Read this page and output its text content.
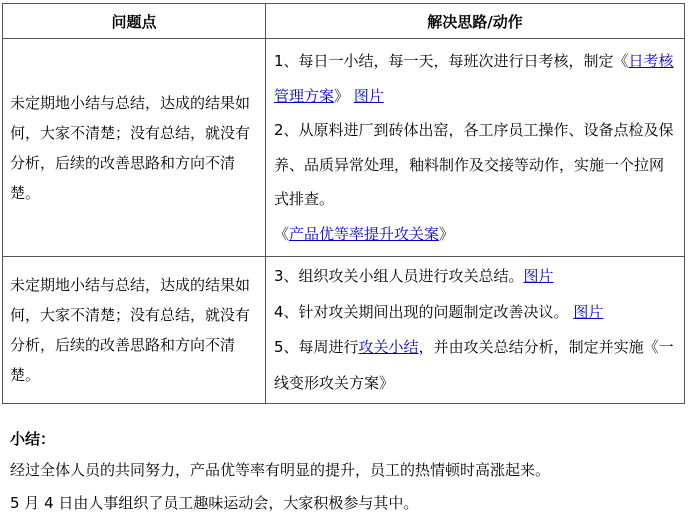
问题点	解决思路/动作
未定期地小结与总结，达成的结果如何，大家不清楚；没有总结，就没有分析，后续的改善思路和方向不清楚。	1、每日一小结，每一天，每班次进行日考核，制定《日考核管理方案》 图片
2、从原料进厂到砖体出窑，各工序员工操作、设备点检及保养、品质异常处理，釉料制作及交接等动作，实施一个拉网式排查。
《产品优等率提升攻关案》

未定期地小结与总结，达成的结果如何，大家不清楚；没有总结，就没有分析，后续的改善思路和方向不清楚。	3、组织攻关小组人员进行攻关总结。图片
4、针对攻关期间出现的问题制定改善决议。 图片
5、每周进行攻关小结，并由攻关总结分析，制定并实施《一线变形攻关方案》
小结：
经过全体人员的共同努力，产品优等率有明显的提升，员工的热情顿时高涨起来。
5 月 4 日由人事组织了员工趣味运动会，大家积极参与其中。
